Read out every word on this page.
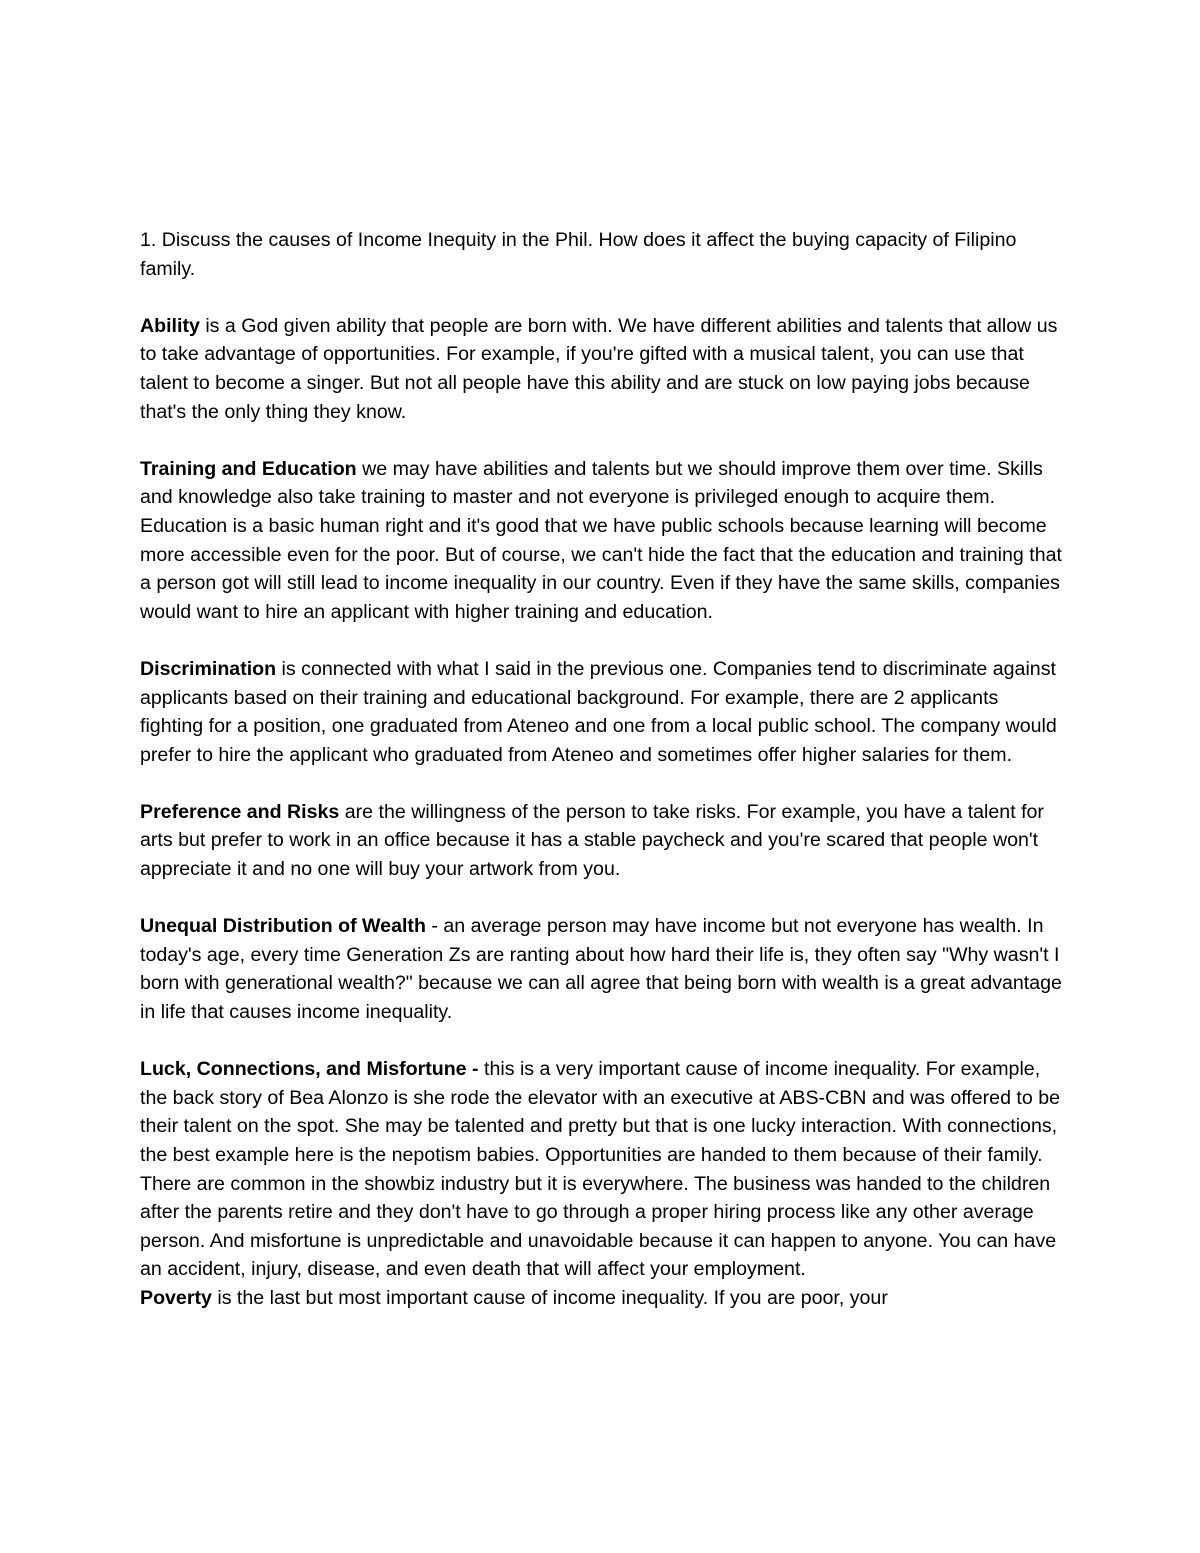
1. Discuss the causes of Income Inequity in the Phil. How does it affect the buying capacity of Filipino family.

Ability is a God given ability that people are born with. We have different abilities and talents that allow us to take advantage of opportunities. For example, if you're gifted with a musical talent, you can use that talent to become a singer. But not all people have this ability and are stuck on low paying jobs because that's the only thing they know.

Training and Education we may have abilities and talents but we should improve them over time. Skills and knowledge also take training to master and not everyone is privileged enough to acquire them. Education is a basic human right and it's good that we have public schools because learning will become more accessible even for the poor. But of course, we can't hide the fact that the education and training that a person got will still lead to income inequality in our country. Even if they have the same skills, companies would want to hire an applicant with higher training and education.

Discrimination is connected with what I said in the previous one. Companies tend to discriminate against applicants based on their training and educational background. For example, there are 2 applicants fighting for a position, one graduated from Ateneo and one from a local public school. The company would prefer to hire the applicant who graduated from Ateneo and sometimes offer higher salaries for them.

Preference and Risks are the willingness of the person to take risks. For example, you have a talent for arts but prefer to work in an office because it has a stable paycheck and you're scared that people won't appreciate it and no one will buy your artwork from you.

Unequal Distribution of Wealth - an average person may have income but not everyone has wealth. In today's age, every time Generation Zs are ranting about how hard their life is, they often say "Why wasn't I born with generational wealth?" because we can all agree that being born with wealth is a great advantage in life that causes income inequality.

Luck, Connections, and Misfortune - this is a very important cause of income inequality. For example, the back story of Bea Alonzo is she rode the elevator with an executive at ABS-CBN and was offered to be their talent on the spot. She may be talented and pretty but that is one lucky interaction. With connections, the best example here is the nepotism babies. Opportunities are handed to them because of their family. There are common in the showbiz industry but it is everywhere. The business was handed to the children after the parents retire and they don't have to go through a proper hiring process like any other average person. And misfortune is unpredictable and unavoidable because it can happen to anyone. You can have an accident, injury, disease, and even death that will affect your employment.

Poverty is the last but most important cause of income inequality. If you are poor, your
